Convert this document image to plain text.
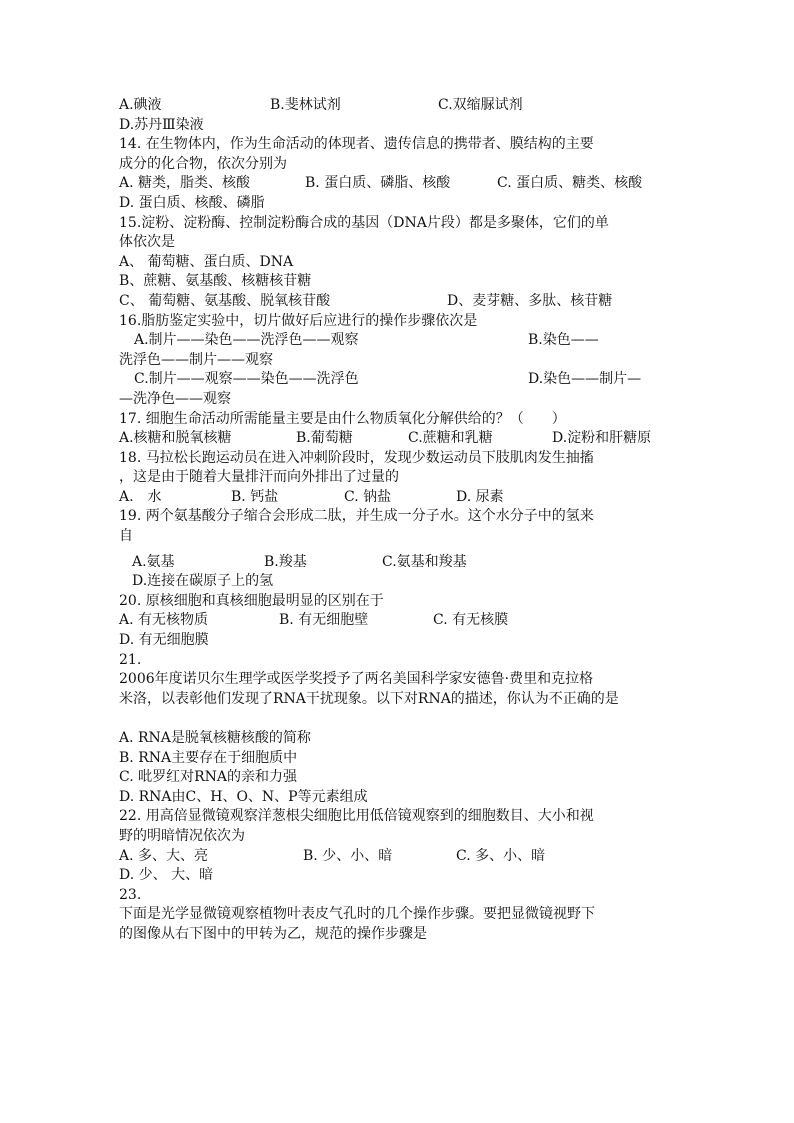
A.碘液	B.斐林试剂	C.双缩脲试剂
D.苏丹Ⅲ染液
14. 在生物体内，作为生命活动的体现者、遗传信息的携带者、膜结构的主要
成分的化合物，依次分别为
A. 糖类，脂类、核酸	B. 蛋白质、磷脂、核酸	C. 蛋白质、糖类、核酸
D. 蛋白质、核酸、磷脂
15.淀粉、淀粉酶、控制淀粉酶合成的基因（DNA片段）都是多聚体，它们的单
体依次是
A、 葡萄糖、蛋白质、DNA
B、蔗糖、氨基酸、核糖核苷糖
C、 葡萄糖、氨基酸、脱氧核苷酸	D、麦芽糖、多肽、核苷糖
16.脂肪鉴定实验中，切片做好后应进行的操作步骤依次是
A.制片——染色——洗浮色——观察	B.染色——
洗浮色——制片——观察
C.制片——观察——染色——洗浮色	D.染色——制片—
—洗净色——观察
17. 细胞生命活动所需能量主要是由什么物质氧化分解供给的？（　　）
A.核糖和脱氧核糖	B.葡萄糖	C.蔗糖和乳糖	D.淀粉和肝糖原
18. 马拉松长跑运动员在进入冲刺阶段时，发现少数运动员下肢肌肉发生抽搐
，这是由于随着大量排汗而向外排出了过量的
A.　水	B. 钙盐	C. 钠盐	D. 尿素
19. 两个氨基酸分子缩合会形成二肽，并生成一分子水。这个水分子中的氢来
自
A.氨基	B.羧基	C.氨基和羧基
D.连接在碳原子上的氢
20. 原核细胞和真核细胞最明显的区别在于
A. 有无核物质	B. 有无细胞壁	C. 有无核膜
D. 有无细胞膜
21.
2006年度诺贝尔生理学或医学奖授予了两名美国科学家安德鲁·费里和克拉格
米洛，以表彰他们发现了RNA干扰现象。以下对RNA的描述，你认为不正确的是
A. RNA是脱氧核糖核酸的简称
B. RNA主要存在于细胞质中
C. 吡罗红对RNA的亲和力强
D. RNA由C、H、O、N、P等元素组成
22. 用高倍显微镜观察洋葱根尖细胞比用低倍镜观察到的细胞数目、大小和视
野的明暗情况依次为
A. 多、大、亮	B. 少、小、暗	C. 多、小、暗
D. 少、 大、暗
23.
下面是光学显微镜观察植物叶表皮气孔时的几个操作步骤。要把显微镜视野下
的图像从右下图中的甲转为乙，规范的操作步骤是
